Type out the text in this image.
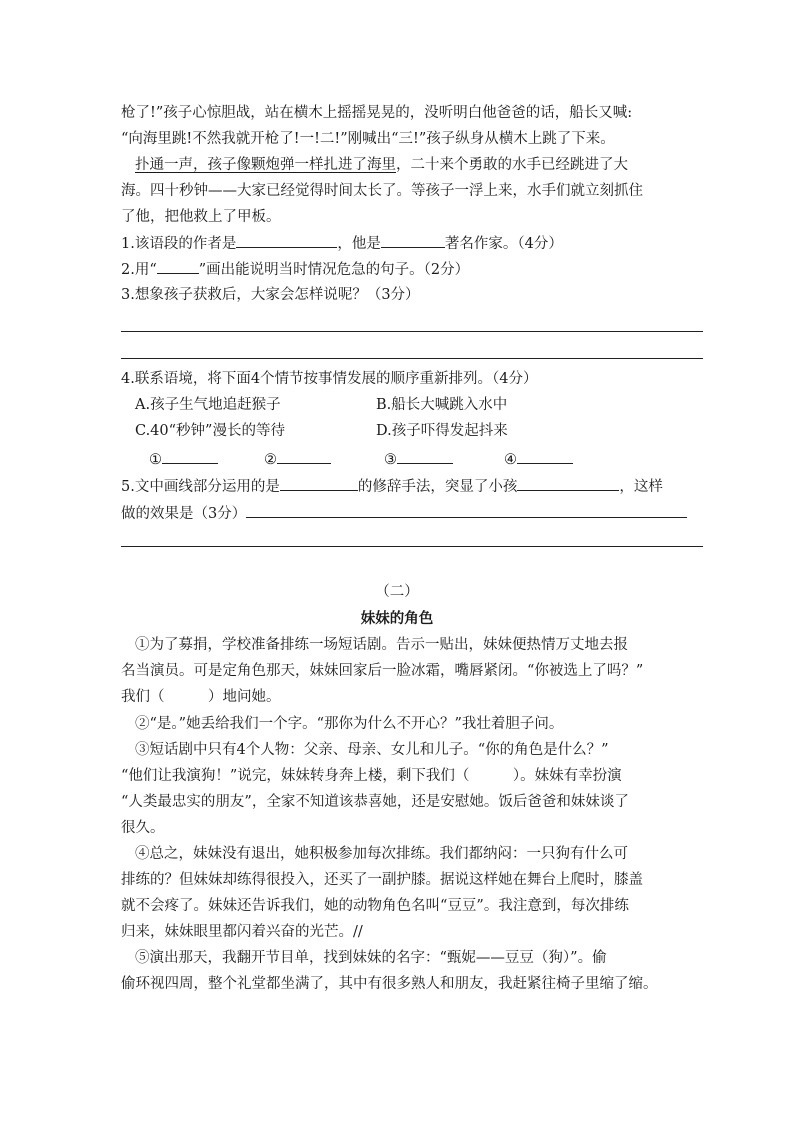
枪了!”孩子心惊胆战，站在横木上摇摇晃晃的，没听明白他爸爸的话，船长又喊:
“向海里跳!不然我就开枪了!一!二!”刚喊出“三!”孩子纵身从横木上跳了下来。
扑通一声，孩子像颗炮弹一样扎进了海里，二十来个勇敢的水手已经跳进了大
海。四十秒钟——大家已经觉得时间太长了。等孩子一浮上来，水手们就立刻抓住
了他，把他救上了甲板。
1.该语段的作者是	，他是	著名作家。（4分）
2.用“	”画出能说明当时情况危急的句子。（2分）
3.想象孩子获救后，大家会怎样说呢？（3分）
4.联系语境，将下面4个情节按事情发展的顺序重新排列。（4分）
A.孩子生气地追赶猴子	B.船长大喊跳入水中
C.40“秒钟”漫长的等待	D.孩子吓得发起抖来
①	②	③	④
5.文中画线部分运用的是	的修辞手法，突显了小孩	，这样
做的效果是（3分）
（二）
妹妹的角色
①为了募捐，学校准备排练一场短话剧。告示一贴出，妹妹便热情万丈地去报
名当演员。可是定角色那天，妹妹回家后一脸冰霜，嘴唇紧闭。“你被选上了吗？”
我们（　　　）地问她。
②“是。”她丢给我们一个字。“那你为什么不开心？”我壮着胆子问。
③短话剧中只有4个人物：父亲、母亲、女儿和儿子。“你的角色是什么？”
“他们让我演狗！”说完，妹妹转身奔上楼，剩下我们（　　　）。妹妹有幸扮演
“人类最忠实的朋友”，全家不知道该恭喜她，还是安慰她。饭后爸爸和妹妹谈了
很久。
④总之，妹妹没有退出，她积极参加每次排练。我们都纳闷：一只狗有什么可
排练的？但妹妹却练得很投入，还买了一副护膝。据说这样她在舞台上爬时，膝盖
就不会疼了。妹妹还告诉我们，她的动物角色名叫“豆豆”。我注意到，每次排练
归来，妹妹眼里都闪着兴奋的光芒。//
⑤演出那天，我翻开节目单，找到妹妹的名字：“甄妮——豆豆（狗）”。偷
偷环视四周，整个礼堂都坐满了，其中有很多熟人和朋友，我赶紧往椅子里缩了缩。
